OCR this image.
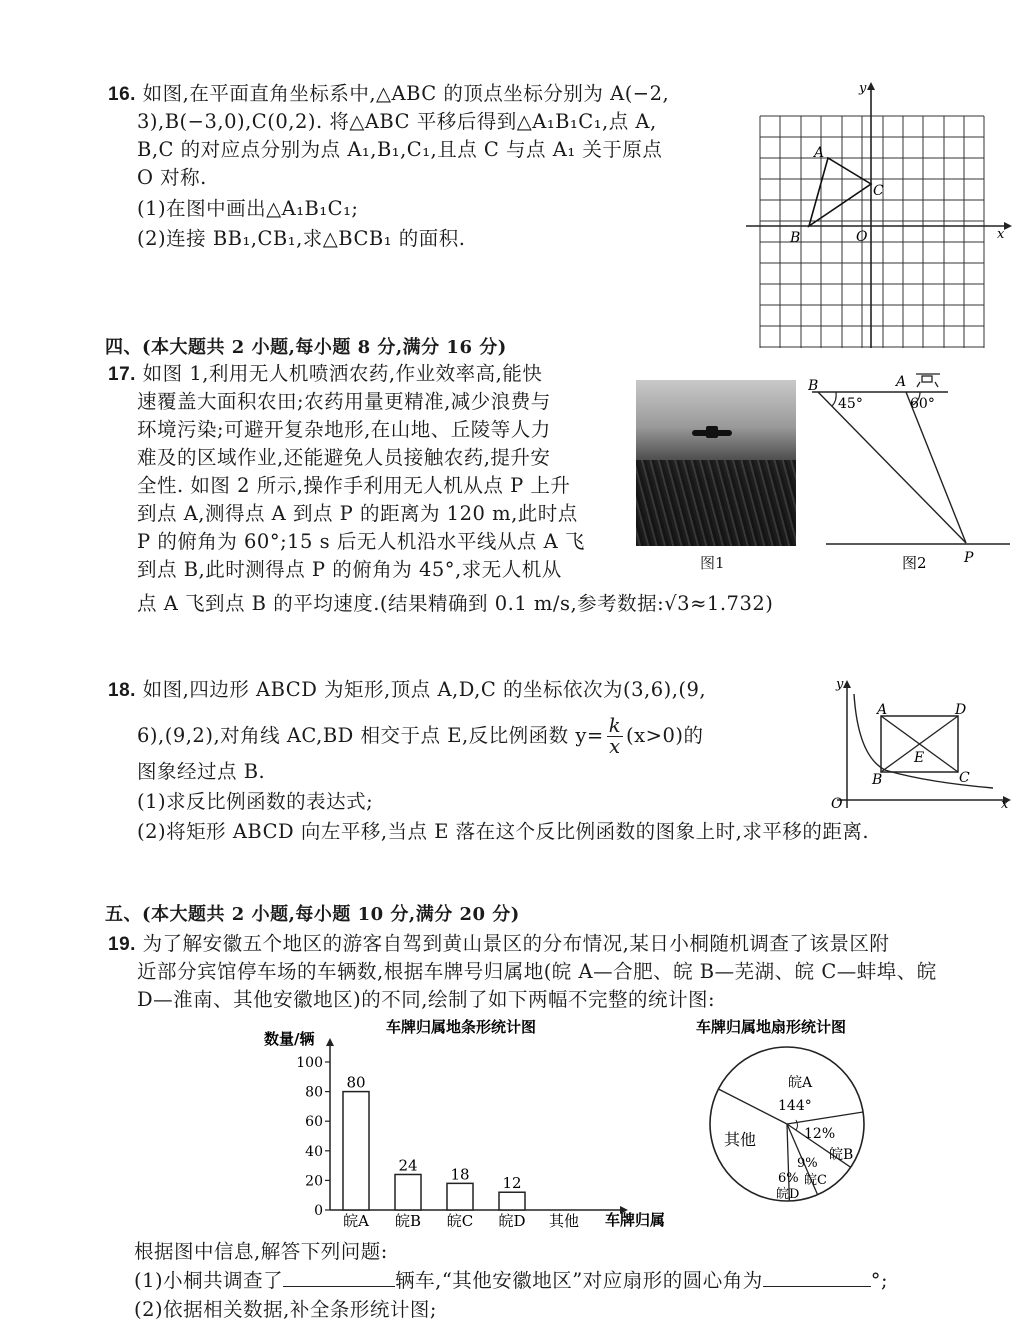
16. 如图,在平面直角坐标系中,△ABC 的顶点坐标分别为 A(−2,
3),B(−3,0),C(0,2). 将△ABC 平移后得到△A₁B₁C₁,点 A,
B,C 的对应点分别为点 A₁,B₁,C₁,且点 C 与点 A₁ 关于原点
O 对称.
(1)在图中画出△A₁B₁C₁;
(2)连接 BB₁,CB₁,求△BCB₁ 的面积.
y
x
A
B
C
O
四、(本大题共 2 小题,每小题 8 分,满分 16 分)
17. 如图 1,利用无人机喷洒农药,作业效率高,能快
速覆盖大面积农田;农药用量更精准,减少浪费与
环境污染;可避开复杂地形,在山地、丘陵等人力
难及的区域作业,还能避免人员接触农药,提升安
全性. 如图 2 所示,操作手利用无人机从点 P 上升
到点 A,测得点 A 到点 P 的距离为 120 m,此时点
P 的俯角为 60°;15 s 后无人机沿水平线从点 A 飞
到点 B,此时测得点 P 的俯角为 45°,求无人机从
点 A 飞到点 B 的平均速度.(结果精确到 0.1 m/s,参考数据:√3≈1.732)
图1
B	A
45°	60°
P
图2
18. 如图,四边形 ABCD 为矩形,顶点 A,D,C 的坐标依次为(3,6),(9,
6),(9,2),对角线 AC,BD 相交于点 E,反比例函数 $y= \frac{k}{x} (x>0)$的
图象经过点 B.
(1)求反比例函数的表达式;
(2)将矩形 ABCD 向左平移,当点 E 落在这个反比例函数的图象上时,求平移的距离.
y
x
O
A	D
B	C
E
五、(本大题共 2 小题,每小题 10 分,满分 20 分)
19. 为了解安徽五个地区的游客自驾到黄山景区的分布情况,某日小桐随机调查了该景区附
近部分宾馆停车场的车辆数,根据车牌号归属地(皖 A—合肥、皖 B—芜湖、皖 C—蚌埠、皖
D—淮南、其他安徽地区)的不同,绘制了如下两幅不完整的统计图:
车牌归属地条形统计图
数量/辆
0
20
40
60
80
100
80
24 18 12
皖A 皖B 皖C 皖D 其他 车牌归属
车牌归属地扇形统计图
皖A
144°
12%
皖B
9%
皖C
6%
皖D
其他
根据图中信息,解答下列问题:
(1)小桐共调查了	辆车,“其他安徽地区”对应扇形的圆心角为	°;
(2)依据相关数据,补全条形统计图;
